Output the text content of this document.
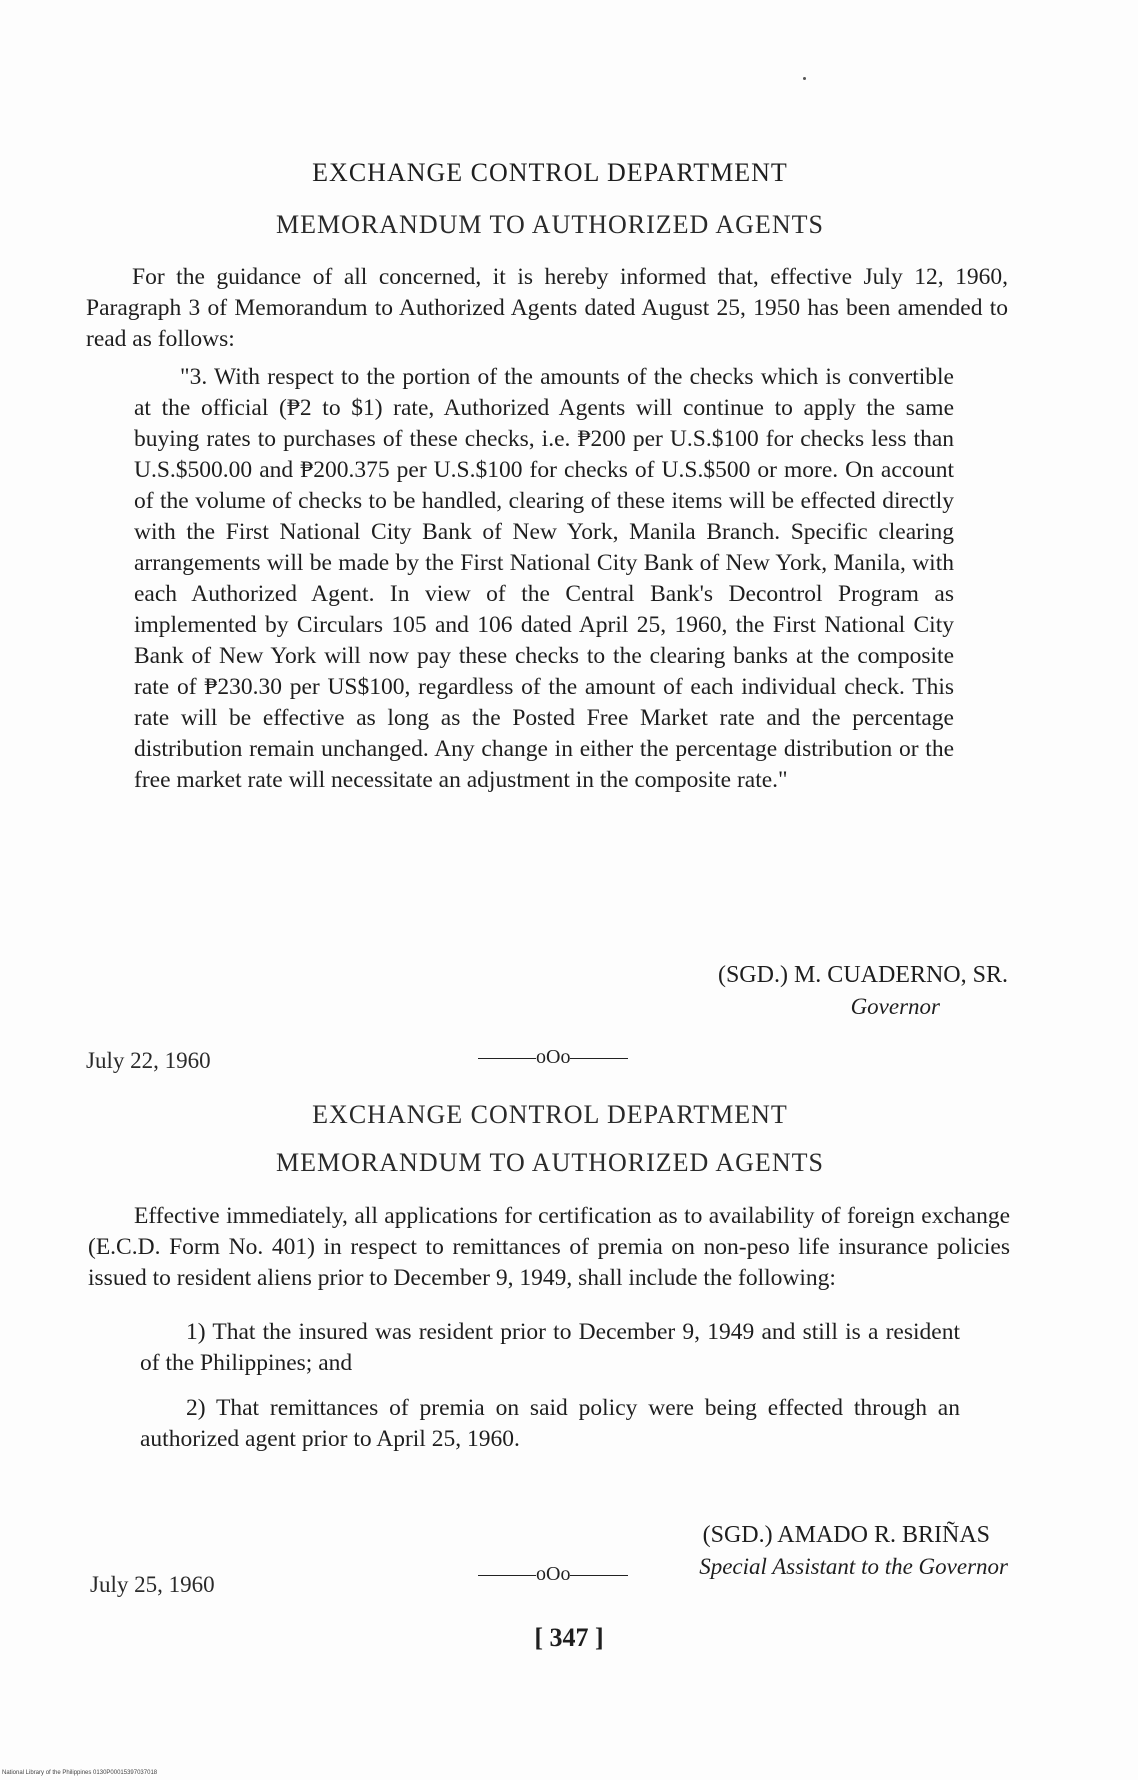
EXCHANGE CONTROL DEPARTMENT
MEMORANDUM TO AUTHORIZED AGENTS

For the guidance of all concerned, it is hereby informed that, effective July 12, 1960, Paragraph 3 of Memorandum to Authorized Agents dated August 25, 1950 has been amended to read as follows:

"3. With respect to the portion of the amounts of the checks which is convertible at the official (₱2 to $1) rate, Authorized Agents will continue to apply the same buying rates to purchases of these checks, i.e. ₱200 per U.S.$100 for checks less than U.S.$500.00 and ₱200.375 per U.S.$100 for checks of U.S.$500 or more. On account of the volume of checks to be handled, clearing of these items will be effected directly with the First National City Bank of New York, Manila Branch. Specific clearing arrangements will be made by the First National City Bank of New York, Manila, with each Authorized Agent. In view of the Central Bank's Decontrol Program as implemented by Circulars 105 and 106 dated April 25, 1960, the First National City Bank of New York will now pay these checks to the clearing banks at the composite rate of ₱230.30 per US$100, regardless of the amount of each individual check. This rate will be effective as long as the Posted Free Market rate and the percentage distribution remain unchanged. Any change in either the percentage distribution or the free market rate will necessitate an adjustment in the composite rate."

(SGD.) M. CUADERNO, SR.
Governor
July 22, 1960	oOo
EXCHANGE CONTROL DEPARTMENT
MEMORANDUM TO AUTHORIZED AGENTS

Effective immediately, all applications for certification as to availability of foreign exchange (E.C.D. Form No. 401) in respect to remittances of premia on non-peso life insurance policies issued to resident aliens prior to December 9, 1949, shall include the following:

1) That the insured was resident prior to December 9, 1949 and still is a resident of the Philippines; and

2) That remittances of premia on said policy were being effected through an authorized agent prior to April 25, 1960.

(SGD.) AMADO R. BRIÑAS
Special Assistant to the Governor
July 25, 1960	oOo
[ 347 ]
National Library of the Philippines 0130P00015397037018
